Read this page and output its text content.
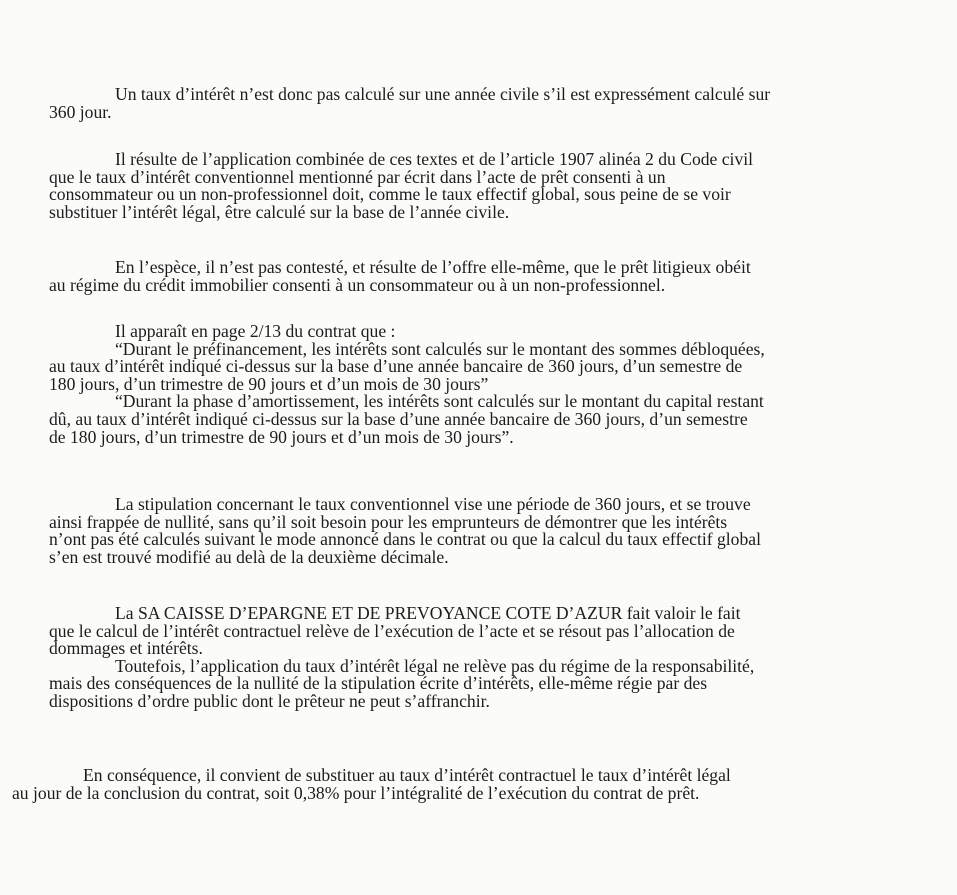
Un taux d’intérêt n’est donc pas calculé sur une année civile s’il est expressément calculé sur
360 jour.
Il résulte de l’application combinée de ces textes et de l’article 1907 alinéa 2 du Code civil
que le taux d’intérêt conventionnel mentionné par écrit dans l’acte de prêt consenti à un
consommateur ou un non-professionnel doit, comme le taux effectif global, sous peine de se voir
substituer l’intérêt légal, être calculé sur la base de l’année civile.
En l’espèce, il n’est pas contesté, et résulte de l’offre elle-même, que le prêt litigieux obéit
au régime du crédit immobilier consenti à un consommateur ou à un non-professionnel.
Il apparaît en page 2/13 du contrat que :
“Durant le préfinancement, les intérêts sont calculés sur le montant des sommes débloquées,
au taux d’intérêt indiqué ci-dessus sur la base d’une année bancaire de 360 jours, d’un semestre de
180 jours, d’un trimestre de 90 jours et d’un mois de 30 jours”
“Durant la phase d’amortissement, les intérêts sont calculés sur le montant du capital restant
dû, au taux d’intérêt indiqué ci-dessus sur la base d’une année bancaire de 360 jours, d’un semestre
de 180 jours, d’un trimestre de 90 jours et d’un mois de 30 jours”.
La stipulation concernant le taux conventionnel vise une période de 360 jours, et se trouve
ainsi frappée de nullité, sans qu’il soit besoin pour les emprunteurs de démontrer que les intérêts
n’ont pas été calculés suivant le mode annoncé dans le contrat ou que la calcul du taux effectif global
s’en est trouvé modifié au delà de la deuxième décimale.
La SA CAISSE D’EPARGNE ET DE PREVOYANCE COTE D’AZUR fait valoir le fait
que le calcul de l’intérêt contractuel relève de l’exécution de l’acte et se résout pas l’allocation de
dommages et intérêts.
Toutefois, l’application du taux d’intérêt légal ne relève pas du régime de la responsabilité,
mais des conséquences de la nullité de la stipulation écrite d’intérêts, elle-même régie par des
dispositions d’ordre public dont le prêteur ne peut s’affranchir.
En conséquence, il convient de substituer au taux d’intérêt contractuel le taux d’intérêt légal
au jour de la conclusion du contrat, soit 0,38% pour l’intégralité de l’exécution du contrat de prêt.
